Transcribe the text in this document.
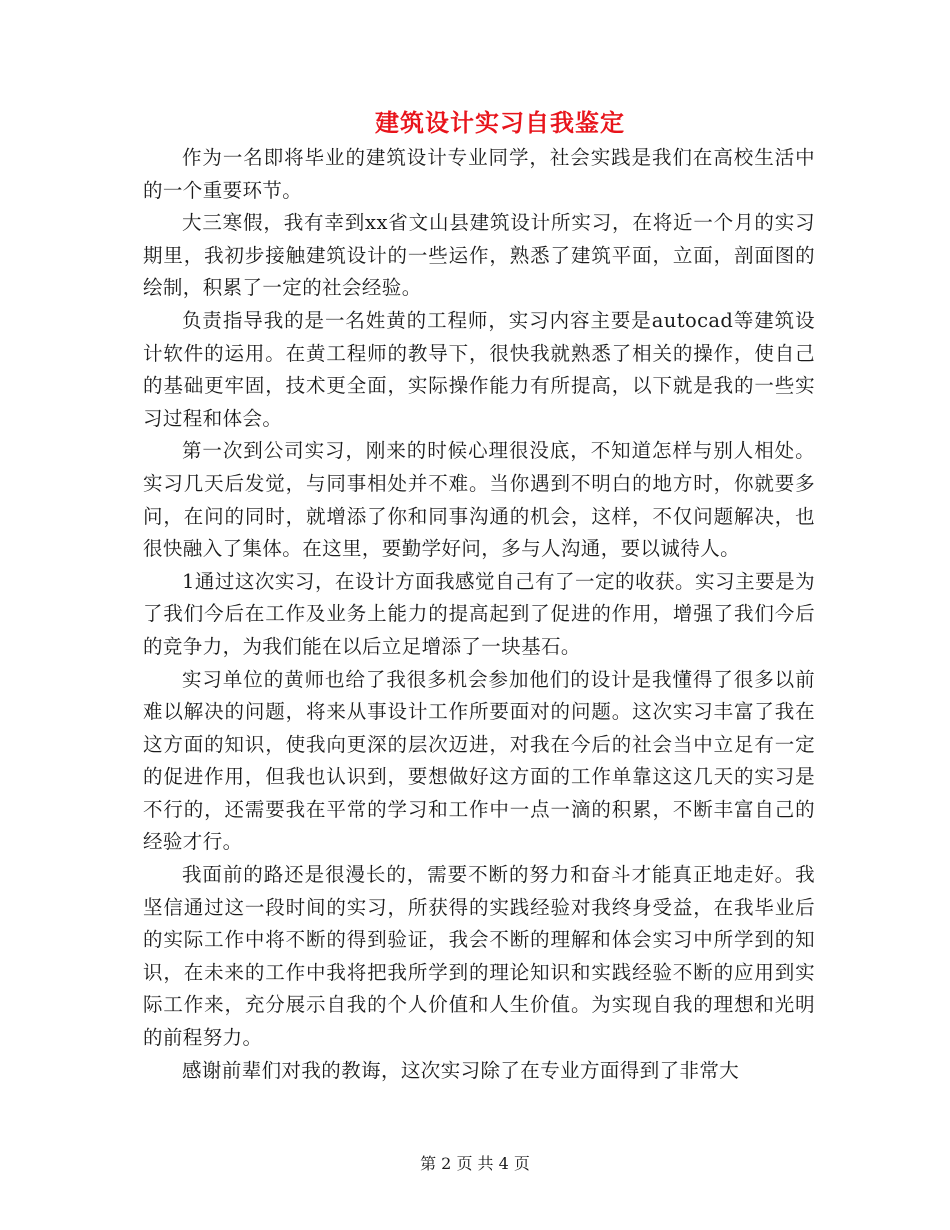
建筑设计实习自我鉴定

作为一名即将毕业的建筑设计专业同学，社会实践是我们在高校生活中的一个重要环节。

大三寒假，我有幸到xx省文山县建筑设计所实习，在将近一个月的实习期里，我初步接触建筑设计的一些运作，熟悉了建筑平面，立面，剖面图的绘制，积累了一定的社会经验。

负责指导我的是一名姓黄的工程师，实习内容主要是autocad等建筑设计软件的运用。在黄工程师的教导下，很快我就熟悉了相关的操作，使自己的基础更牢固，技术更全面，实际操作能力有所提高，以下就是我的一些实习过程和体会。

第一次到公司实习，刚来的时候心理很没底，不知道怎样与别人相处。实习几天后发觉，与同事相处并不难。当你遇到不明白的地方时，你就要多问，在问的同时，就增添了你和同事沟通的机会，这样，不仅问题解决，也很快融入了集体。在这里，要勤学好问，多与人沟通，要以诚待人。

1通过这次实习，在设计方面我感觉自己有了一定的收获。实习主要是为了我们今后在工作及业务上能力的提高起到了促进的作用，增强了我们今后的竞争力，为我们能在以后立足增添了一块基石。

实习单位的黄师也给了我很多机会参加他们的设计是我懂得了很多以前难以解决的问题，将来从事设计工作所要面对的问题。这次实习丰富了我在这方面的知识，使我向更深的层次迈进，对我在今后的社会当中立足有一定的促进作用，但我也认识到，要想做好这方面的工作单靠这这几天的实习是不行的，还需要我在平常的学习和工作中一点一滴的积累，不断丰富自己的经验才行。

我面前的路还是很漫长的，需要不断的努力和奋斗才能真正地走好。我坚信通过这一段时间的实习，所获得的实践经验对我终身受益，在我毕业后的实际工作中将不断的得到验证，我会不断的理解和体会实习中所学到的知识，在未来的工作中我将把我所学到的理论知识和实践经验不断的应用到实际工作来，充分展示自我的个人价值和人生价值。为实现自我的理想和光明的前程努力。

感谢前辈们对我的教诲，这次实习除了在专业方面得到了非常大

第 2 页 共 4 页
